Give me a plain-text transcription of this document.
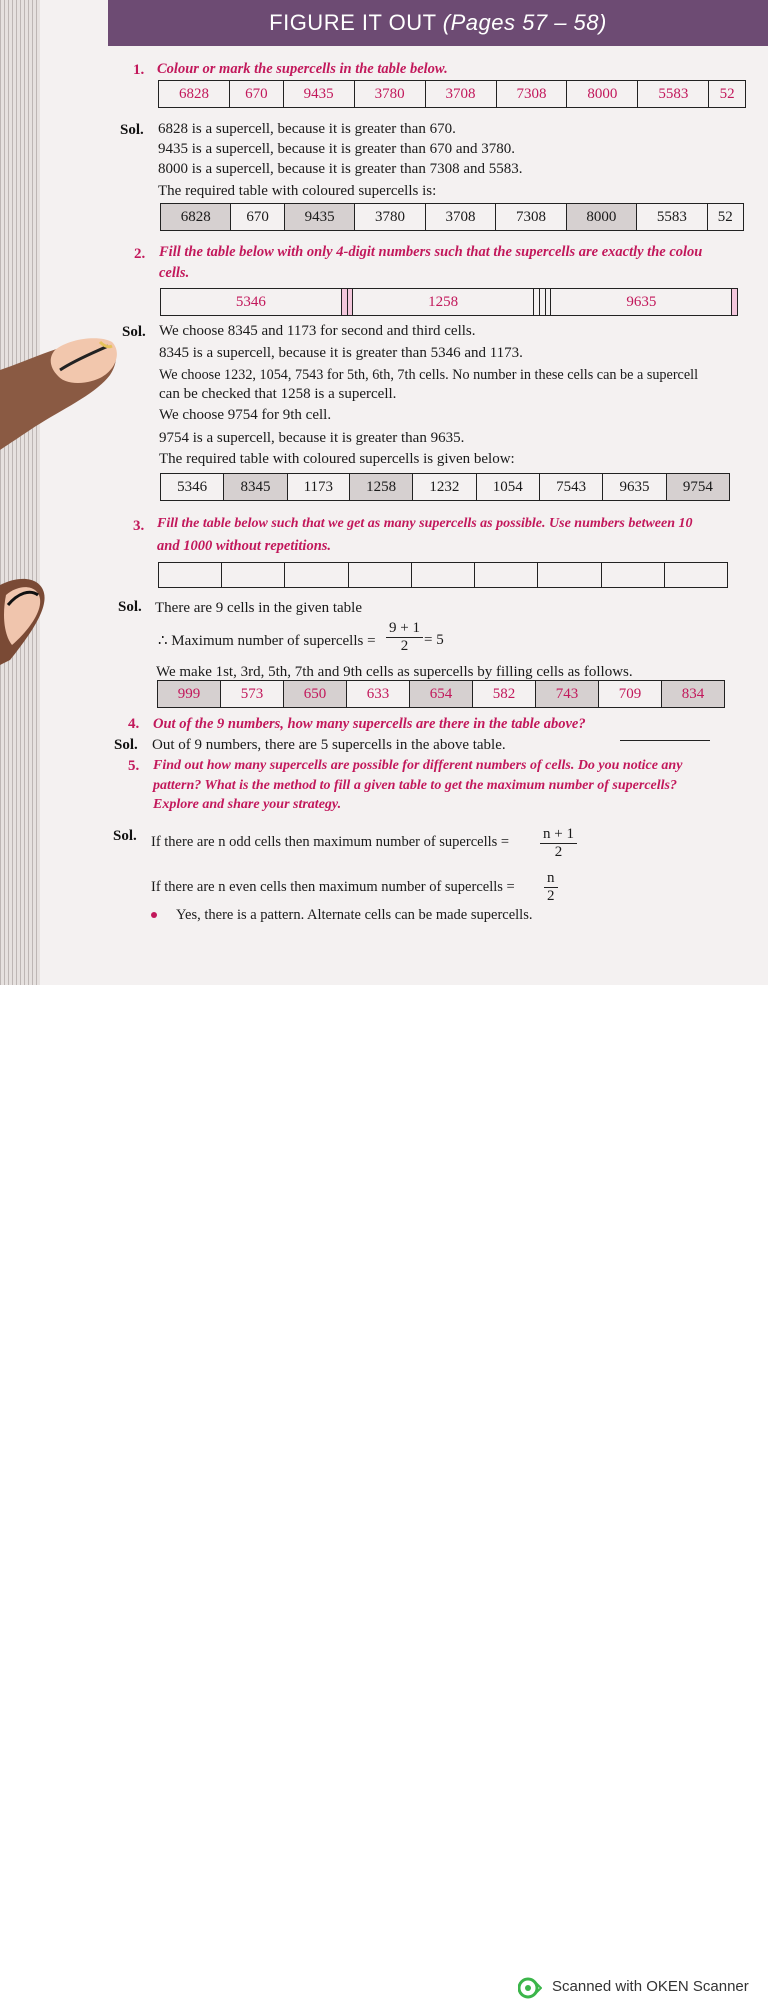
FIGURE IT OUT (Pages 57 – 58)
1. Colour or mark the supercells in the table below.
6828	670	9435	3780	3708	7308	8000	5583	52
Sol. 6828 is a supercell, because it is greater than 670.
9435 is a supercell, because it is greater than 670 and 3780.
8000 is a supercell, because it is greater than 7308 and 5583.
The required table with coloured supercells is:
6828	670	9435	3780	3708	7308	8000	5583	52
2. Fill the table below with only 4-digit numbers such that the supercells are exactly the colou
cells.
5346			1258				9635	
Sol. We choose 8345 and 1173 for second and third cells.
8345 is a supercell, because it is greater than 5346 and 1173.
We choose 1232, 1054, 7543 for 5th, 6th, 7th cells. No number in these cells can be a supercell
can be checked that 1258 is a supercell.
We choose 9754 for 9th cell.
9754 is a supercell, because it is greater than 9635.
The required table with coloured supercells is given below:
5346	8345	1173	1258	1232	1054	7543	9635	9754
3. Fill the table below such that we get as many supercells as possible. Use numbers between 10
and 1000 without repetitions.

Sol. There are 9 cells in the given table
∴ Maximum number of supercells = $\frac{9 + 1}{2} = 5$
We make 1st, 3rd, 5th, 7th and 9th cells as supercells by filling cells as follows.
999	573	650	633	654	582	743	709	834
4. Out of the 9 numbers, how many supercells are there in the table above?
Sol. Out of 9 numbers, there are 5 supercells in the above table.
5. Find out how many supercells are possible for different numbers of cells. Do you notice any
pattern? What is the method to fill a given table to get the maximum number of supercells?
Explore and share your strategy.
Sol. If there are n odd cells then maximum number of supercells = $\frac{n + 1}{2}$
If there are n even cells then maximum number of supercells = $\frac{n}{2}$
Yes, there is a pattern. Alternate cells can be made supercells.
Scanned with OKEN Scanner
